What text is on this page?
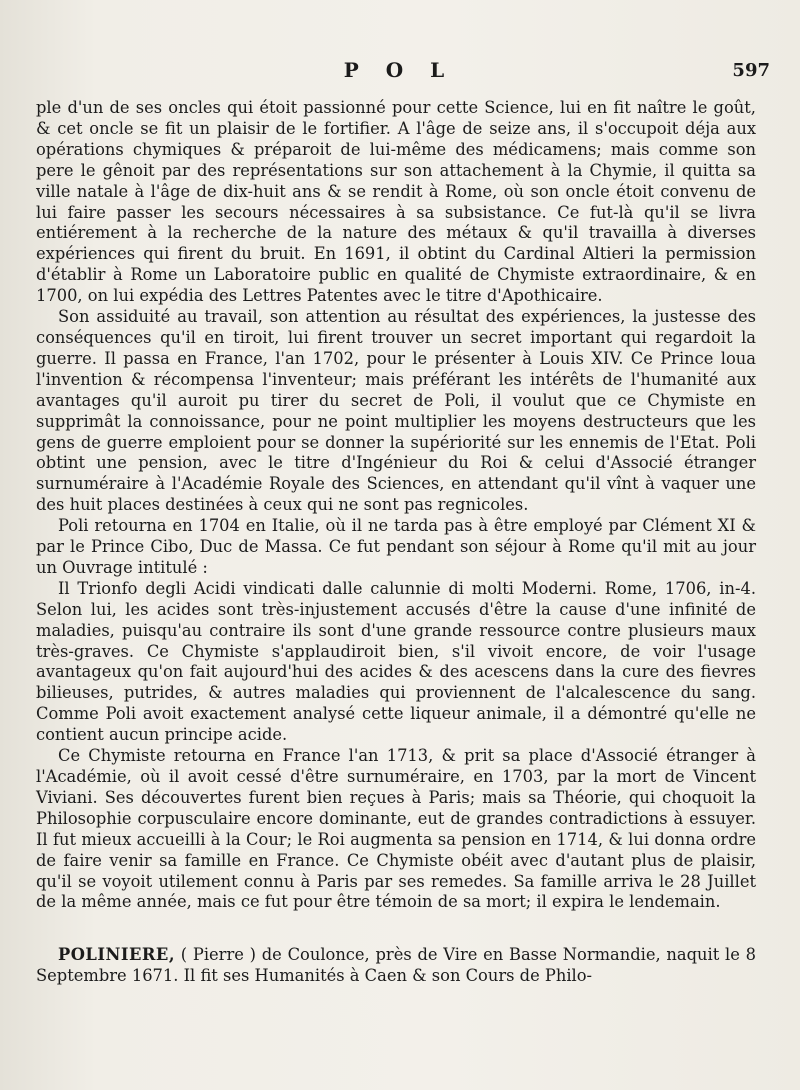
P O L	597

ple d'un de ses oncles qui étoit passionné pour cette Science, lui en fit naître le goût, & cet oncle se fit un plaisir de le fortifier. A l'âge de seize ans, il s'occupoit déja aux opérations chymiques & préparoit de lui-même des médicamens; mais comme son pere le gênoit par des représentations sur son attachement à la Chymie, il quitta sa ville natale à l'âge de dix-huit ans & se rendit à Rome, où son oncle étoit convenu de lui faire passer les secours nécessaires à sa subsistance. Ce fut-là qu'il se livra entiérement à la recherche de la nature des métaux & qu'il travailla à diverses expériences qui firent du bruit. En 1691, il obtint du Cardinal Altieri la permission d'établir à Rome un Laboratoire public en qualité de Chymiste extraordinaire, & en 1700, on lui expédia des Lettres Patentes avec le titre d'Apothicaire.

Son assiduité au travail, son attention au résultat des expériences, la justesse des conséquences qu'il en tiroit, lui firent trouver un secret important qui regardoit la guerre. Il passa en France, l'an 1702, pour le présenter à Louis XIV. Ce Prince loua l'invention & récompensa l'inventeur; mais préférant les intérêts de l'humanité aux avantages qu'il auroit pu tirer du secret de Poli, il voulut que ce Chymiste en supprimât la connoissance, pour ne point multiplier les moyens destructeurs que les gens de guerre emploient pour se donner la supériorité sur les ennemis de l'Etat. Poli obtint une pension, avec le titre d'Ingénieur du Roi & celui d'Associé étranger surnuméraire à l'Académie Royale des Sciences, en attendant qu'il vînt à vaquer une des huit places destinées à ceux qui ne sont pas regnicoles.

Poli retourna en 1704 en Italie, où il ne tarda pas à être employé par Clément XI & par le Prince Cibo, Duc de Massa. Ce fut pendant son séjour à Rome qu'il mit au jour un Ouvrage intitulé :

Il Trionfo degli Acidi vindicati dalle calunnie di molti Moderni. Rome, 1706, in-4. Selon lui, les acides sont très-injustement accusés d'être la cause d'une infinité de maladies, puisqu'au contraire ils sont d'une grande ressource contre plusieurs maux très-graves. Ce Chymiste s'applaudiroit bien, s'il vivoit encore, de voir l'usage avantageux qu'on fait aujourd'hui des acides & des acescens dans la cure des fievres bilieuses, putrides, & autres maladies qui proviennent de l'alcalescence du sang. Comme Poli avoit exactement analysé cette liqueur animale, il a démontré qu'elle ne contient aucun principe acide.

Ce Chymiste retourna en France l'an 1713, & prit sa place d'Associé étranger à l'Académie, où il avoit cessé d'être surnuméraire, en 1703, par la mort de Vincent Viviani. Ses découvertes furent bien reçues à Paris; mais sa Théorie, qui choquoit la Philosophie corpusculaire encore dominante, eut de grandes contradictions à essuyer. Il fut mieux accueilli à la Cour; le Roi augmenta sa pension en 1714, & lui donna ordre de faire venir sa famille en France. Ce Chymiste obéit avec d'autant plus de plaisir, qu'il se voyoit utilement connu à Paris par ses remedes. Sa famille arriva le 28 Juillet de la même année, mais ce fut pour être témoin de sa mort; il expira le lendemain.

POLINIERE, ( Pierre ) de Coulonce, près de Vire en Basse Normandie, naquit le 8 Septembre 1671. Il fit ses Humanités à Caen & son Cours de Philo-
